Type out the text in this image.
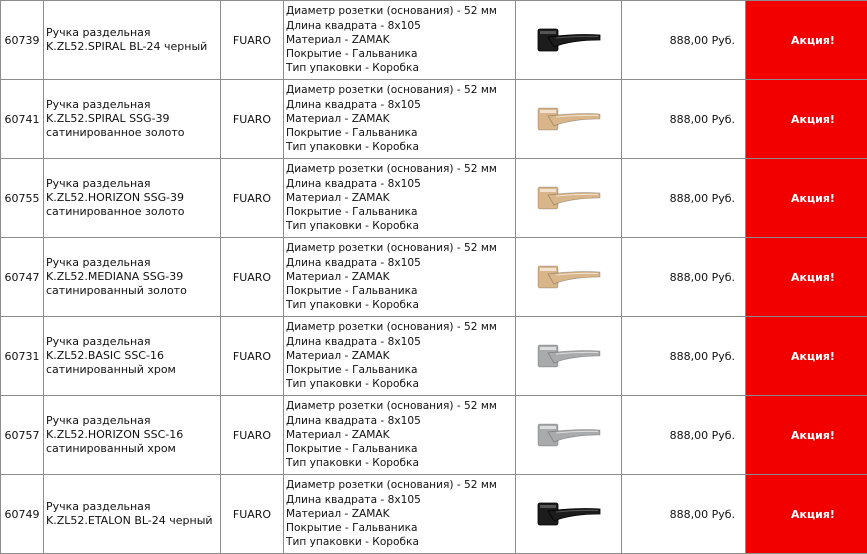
60739	Ручка раздельная K.ZL52.SPIRAL BL-24 черный	FUARO	Диаметр розетки (основания) - 52 мм
Длина квадрата - 8х105
Материал - ZAMAK
Покрытие - Гальваника
Тип упаковки - Коробка		888,00 Руб.	Акция!
60741	Ручка раздельная K.ZL52.SPIRAL SSG-39 сатинированное золото	FUARO	Диаметр розетки (основания) - 52 мм
Длина квадрата - 8х105
Материал - ZAMAK
Покрытие - Гальваника
Тип упаковки - Коробка		888,00 Руб.	Акция!
60755	Ручка раздельная K.ZL52.HORIZON SSG-39 сатинированное золото	FUARO	Диаметр розетки (основания) - 52 мм
Длина квадрата - 8х105
Материал - ZAMAK
Покрытие - Гальваника
Тип упаковки - Коробка		888,00 Руб.	Акция!
60747	Ручка раздельная K.ZL52.MEDIANA SSG-39 сатинированный золото	FUARO	Диаметр розетки (основания) - 52 мм
Длина квадрата - 8х105
Материал - ZAMAK
Покрытие - Гальваника
Тип упаковки - Коробка		888,00 Руб.	Акция!
60731	Ручка раздельная K.ZL52.BASIC SSC-16 сатинированный хром	FUARO	Диаметр розетки (основания) - 52 мм
Длина квадрата - 8х105
Материал - ZAMAK
Покрытие - Гальваника
Тип упаковки - Коробка		888,00 Руб.	Акция!
60757	Ручка раздельная K.ZL52.HORIZON SSC-16 сатинированный хром	FUARO	Диаметр розетки (основания) - 52 мм
Длина квадрата - 8х105
Материал - ZAMAK
Покрытие - Гальваника
Тип упаковки - Коробка		888,00 Руб.	Акция!
60749	Ручка раздельная K.ZL52.ETALON BL-24 черный	FUARO	Диаметр розетки (основания) - 52 мм
Длина квадрата - 8х105
Материал - ZAMAK
Покрытие - Гальваника
Тип упаковки - Коробка		888,00 Руб.	Акция!
